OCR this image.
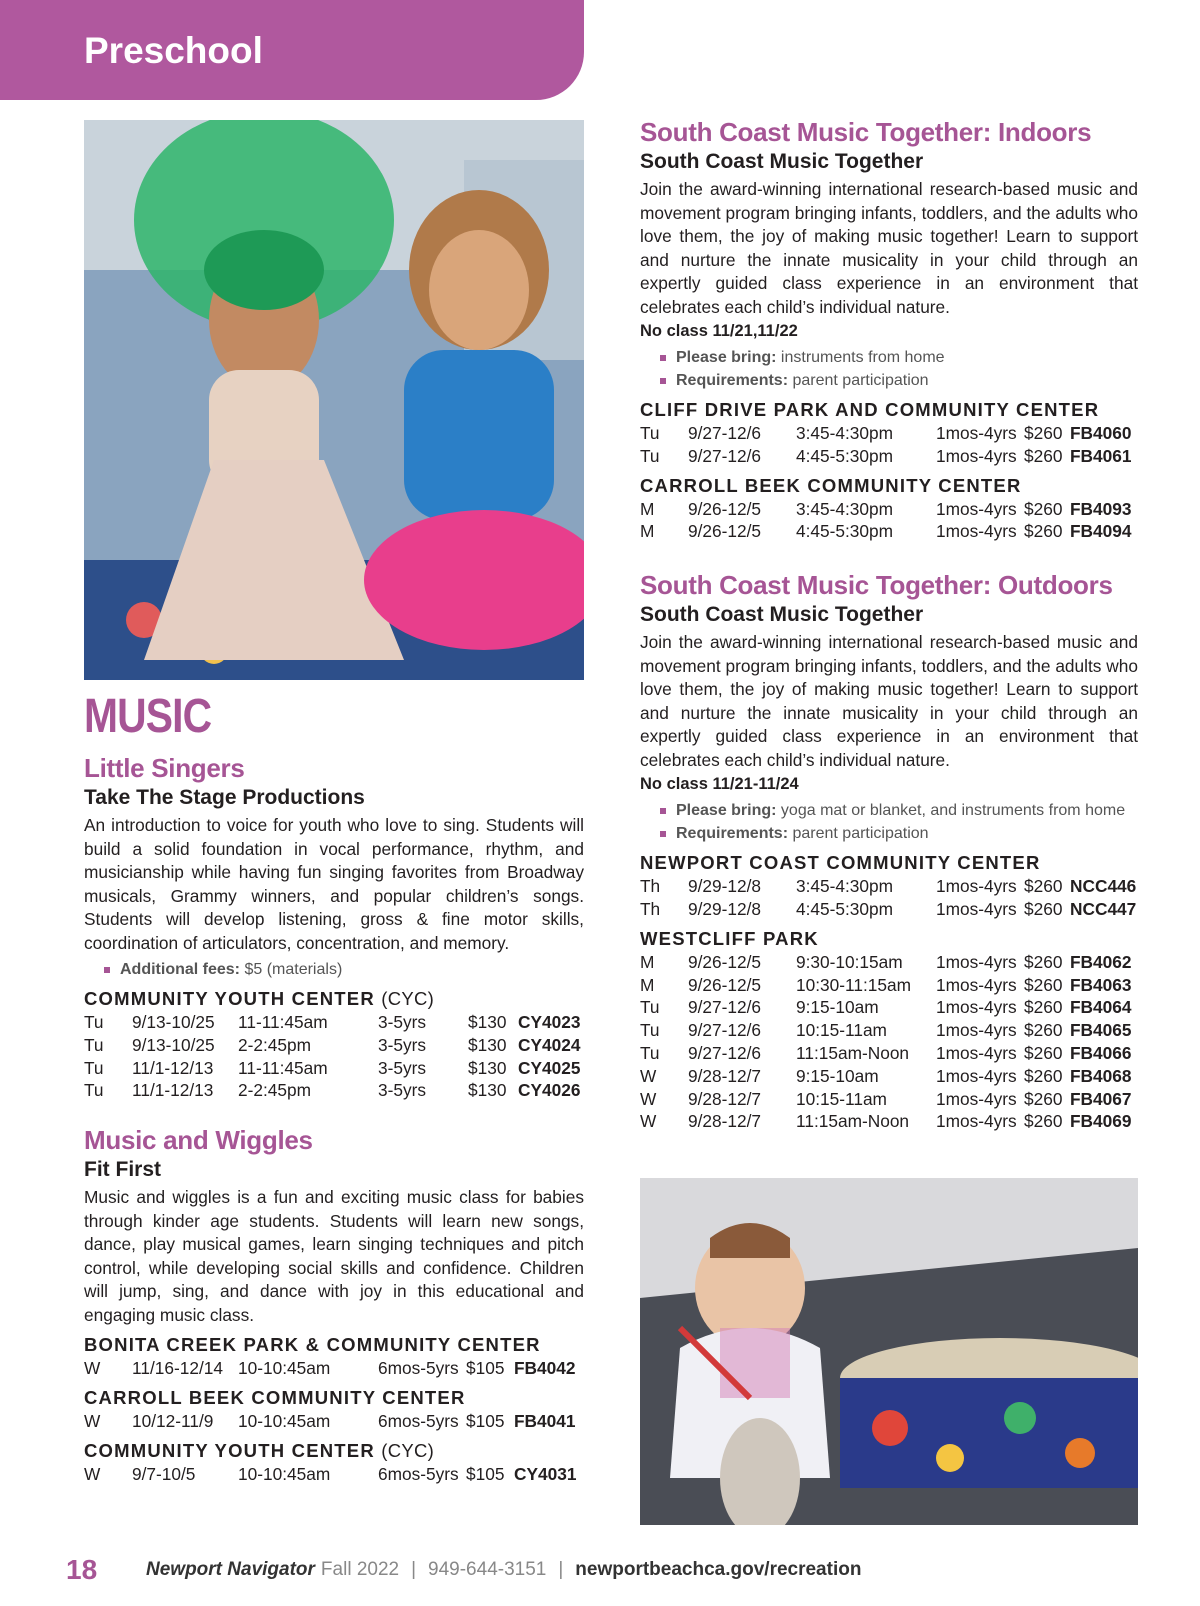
Preschool
MUSIC
Little Singers
Take The Stage Productions
An introduction to voice for youth who love to sing. Students will build a solid foundation in vocal performance, rhythm, and musicianship while having fun singing favorites from Broadway musicals, Grammy winners, and popular children’s songs. Students will develop listening, gross & fine motor skills, coordination of articulators, concentration, and memory.
Additional fees: $5 (materials)
COMMUNITY YOUTH CENTER (CYC)
Tu	9/13-10/25	11-11:45am	3-5yrs	$130 CY4023
Tu	9/13-10/25	2-2:45pm	3-5yrs	$130 CY4024
Tu	11/1-12/13	11-11:45am	3-5yrs	$130 CY4025
Tu	11/1-12/13	2-2:45pm	3-5yrs	$130 CY4026
Music and Wiggles
Fit First
Music and wiggles is a fun and exciting music class for babies through kinder age students. Students will learn new songs, dance, play musical games, learn singing techniques and pitch control, while developing social skills and confidence. Children will jump, sing, and dance with joy in this educational and engaging music class.
BONITA CREEK PARK & COMMUNITY CENTER
W	11/16-12/14 10-10:45am	6mos-5yrs $105 FB4042
CARROLL BEEK COMMUNITY CENTER
W	10/12-11/9	10-10:45am	6mos-5yrs $105 FB4041
COMMUNITY YOUTH CENTER (CYC)
W	9/7-10/5	10-10:45am	6mos-5yrs $105 CY4031
South Coast Music Together: Indoors
South Coast Music Together
Join the award-winning international research-based music and movement program bringing infants, toddlers, and the adults who love them, the joy of making music together! Learn to support and nurture the innate musicality in your child through an expertly guided class experience in an environment that celebrates each child’s individual nature.
No class 11/21,11/22
Please bring: instruments from home
Requirements: parent participation
CLIFF DRIVE PARK AND COMMUNITY CENTER
Tu	9/27-12/6	3:45-4:30pm	1mos-4yrs $260 FB4060
Tu	9/27-12/6	4:45-5:30pm	1mos-4yrs $260 FB4061
CARROLL BEEK COMMUNITY CENTER
M	9/26-12/5	3:45-4:30pm	1mos-4yrs $260 FB4093
M	9/26-12/5	4:45-5:30pm	1mos-4yrs $260 FB4094
South Coast Music Together: Outdoors
South Coast Music Together
Join the award-winning international research-based music and movement program bringing infants, toddlers, and the adults who love them, the joy of making music together! Learn to support and nurture the innate musicality in your child through an expertly guided class experience in an environment that celebrates each child’s individual nature.
No class 11/21-11/24
Please bring: yoga mat or blanket, and instruments from home
Requirements: parent participation
NEWPORT COAST COMMUNITY CENTER
Th	9/29-12/8	3:45-4:30pm	1mos-4yrs $260 NCC446
Th	9/29-12/8	4:45-5:30pm	1mos-4yrs $260 NCC447
WESTCLIFF PARK
M	9/26-12/5	9:30-10:15am	1mos-4yrs $260 FB4062
M	9/26-12/5	10:30-11:15am	1mos-4yrs $260 FB4063
Tu	9/27-12/6	9:15-10am	1mos-4yrs $260 FB4064
Tu	9/27-12/6	10:15-11am	1mos-4yrs $260 FB4065
Tu	9/27-12/6	11:15am-Noon	1mos-4yrs $260 FB4066
W	9/28-12/7	9:15-10am	1mos-4yrs $260 FB4068
W	9/28-12/7	10:15-11am	1mos-4yrs $260 FB4067
W	9/28-12/7	11:15am-Noon	1mos-4yrs $260 FB4069
18	Newport Navigator Fall 2022 | 949-644-3151 | newportbeachca.gov/recreation
